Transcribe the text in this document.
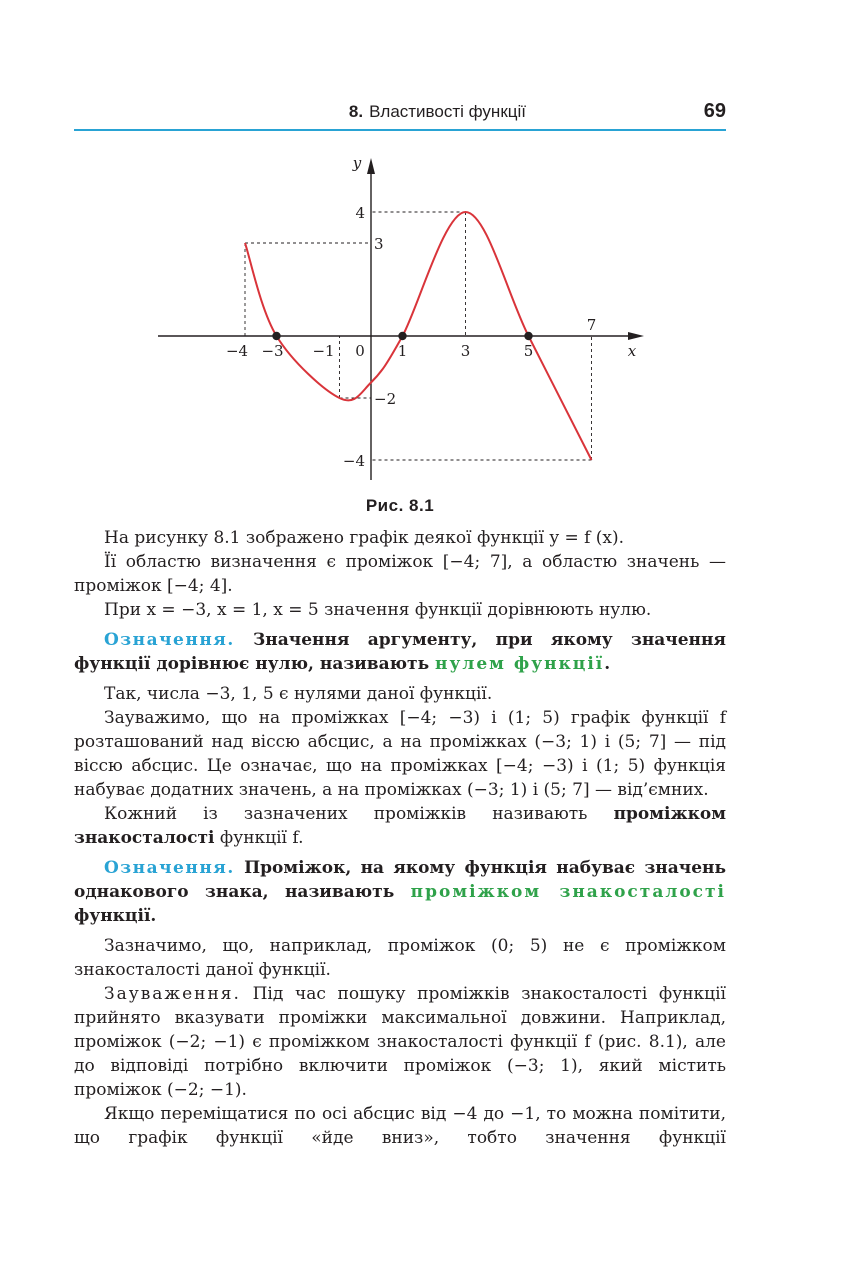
8. Властивості функції	69
−4 −3 −1	1	3	5
7
0	x
y
4
3
−2
−4
Рис. 8.1

На рисунку 8.1 зображено графік деякої функції y = f (x).

Її областю визначення є проміжок [−4; 7], а областю значень — проміжок [−4; 4].

При x = −3, x = 1, x = 5 значення функції дорівнюють нулю.

Означення. Значення аргументу, при якому значення функції дорівнює нулю, називають нулем функції.

Так, числа −3, 1, 5 є нулями даної функції.

Зауважимо, що на проміжках [−4; −3) і (1; 5) графік функції f розташований над віссю абсцис, а на проміжках (−3; 1) і (5; 7] — під віссю абсцис. Це означає, що на проміжках [−4; −3) і (1; 5) функція набуває додатних значень, а на проміжках (−3; 1) і (5; 7] — від’ємних.

Кожний із зазначених проміжків називають проміжком знакосталості функції f.

Означення. Проміжок, на якому функція набуває значень однакового знака, називають проміжком знакосталості функції.

Зазначимо, що, наприклад, проміжок (0; 5) не є проміжком знакосталості даної функції.

Зауваження. Під час пошуку проміжків знакосталості функції прийнято вказувати проміжки максимальної довжини. Наприклад, проміжок (−2; −1) є проміжком знакосталості функції f (рис. 8.1), але до відповіді потрібно включити проміжок (−3; 1), який містить проміжок (−2; −1).

Якщо переміщатися по осі абсцис від −4 до −1, то можна помітити, що графік функції «йде вниз», тобто значення функції
